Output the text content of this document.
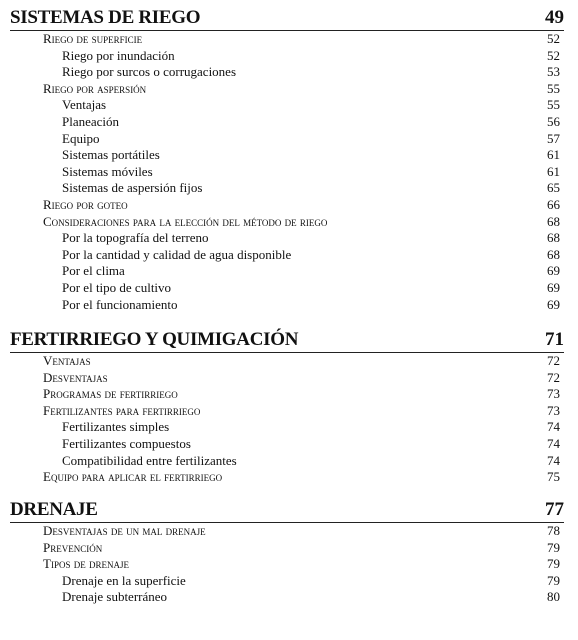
SISTEMAS DE RIEGO	49
Riego de superficie	52
Riego por inundación	52
Riego por surcos o corrugaciones	53
Riego por aspersión	55
Ventajas	55
Planeación	56
Equipo	57
Sistemas portátiles	61
Sistemas móviles	61
Sistemas de aspersión fijos	65
Riego por goteo	66
Consideraciones para la elección del método de riego	68
Por la topografía del terreno	68
Por la cantidad y calidad de agua disponible	68
Por el clima	69
Por el tipo de cultivo	69
Por el funcionamiento	69
FERTIRRIEGO Y QUIMIGACIÓN	71
Ventajas	72
Desventajas	72
Programas de fertirriego	73
Fertilizantes para fertirriego	73
Fertilizantes simples	74
Fertilizantes compuestos	74
Compatibilidad entre fertilizantes	74
Equipo para aplicar el fertirriego	75
DRENAJE	77
Desventajas de un mal drenaje	78
Prevención	79
Tipos de drenaje	79
Drenaje en la superficie	79
Drenaje subterráneo	80
